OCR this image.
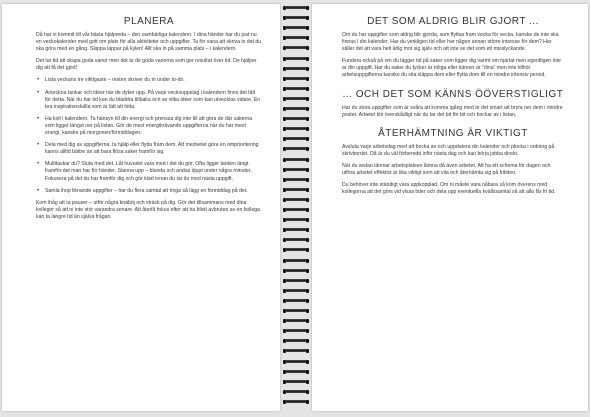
PLANERA

Då har vi kommit till vår bästa hjälpreda – den oumbärliga kalendern. I dina händer har du just nu en veckokalender med gott om plats för alla aktiviteter och uppgifter. Ta för vana att skriva in det du ska göra med en gång. Skippa lappar på kylen! Allt ska in på samma plats – i kalendern.

Det tar tid att skapa goda vanor men det är de goda vanorna som ger resultat över tid. De hjälper dig att få det gjort!

• Lista veckans tre viktigaste – resten skriver du in under to-do.
• Anteckna tankar och idéer när de dyker upp. På varje veckouppslag i kalendern finns det fält för detta. När du har tid kan du bläddra tillbaka och se vilka idéer som kan utvecklas vidare. En bra inspirationskälla som är lätt att hitta.
• Ha koll i kalendern. Ta hänsyn till din energi och prenssa dig inte till att göra de där sakerna som ligger längst ner på listan. Gör de mest energikrävande uppgifterna när du har mest energi, kanske på morgonen/förmiddagen.
• Dela med dig av uppgifterna, ta hjälp eller flytta fram dem. Att medvetet göra en omprioritering kanns alltid bättre än att bara flösa saker framför sig.
• Multitaskar du? Sluta med det. Låt huvudet vara med i det du gör. Ofta ligger tanken längt framför det man har för händer. Stanna upp – blunda och andas djupt under några minuter. Fokusera på det du har framför dig och gör klart innan du tar itu med nästa uppgift.
• Samla ihop liknande uppgifter – har du flera samtal att ringa så lägg en förmiddag på det.

Kom ihåg att ta pauser – utför några knäböj och sträck på dig. Gör det tillsammans med dina kollegor så att ni inte stör varandra senare. Att återfå fokus efter att ha blivit avbruten av en kollega kan ta längre tid än själva frågan.

DET SOM ALDRIG BLIR GJORT ...

Om du har uppgifter som aldrig blir gjorda, som flyttas fram vecka för vecka, kanske de inte ska finnas i din kalender. Har du verkligen tid eller har någon annan större intresse för dem? Har säller det att vara helt ärlig mot sig själv och att inte se det som ett misslyckande.

Fundera också på om du lägger tid på saker som ligger dig varmt om hjärtat men egentligen inte är din uppgift. Har du saker du tycker är roliga eller känner är "dina" men inte tillhör arbetsuppgifterna kanske du ska släppa dem eller flytta dom till en mindre intensiv period.

... OCH DET SOM KÄNNS ÖÖVERSTIGLIGT

Har du stora uppgifter som är svåra att komma igång med är det smart att bryta ner dem i mindre poster. Arbetet blir överskådligt när du tar det bit för bit och bockar av i listan.

ÅTERHÄMTNING ÄR VIKTIGT

Avsluta varje arbetsdag med att bocka av och uppdatera din kalender och plocka i ordning på skrivbordet. Då är du väl förberedd inför nästa dag och kan börja jobba direkt.

När du sedan lämnar arbetsplatsen lämna då även arbetet. Att ha ett schema för dagen och utföra arbetet effektivt är lika viktigt som att vila och återhämta sig på fritiden.

Du behöver inte ständigt vara uppkopplad. Om ni måste vara nåbara så kom överens med kollegorna att det görs vid vissa tider och dela upp eventuella kvällssamtal så att alla får fri tid.
